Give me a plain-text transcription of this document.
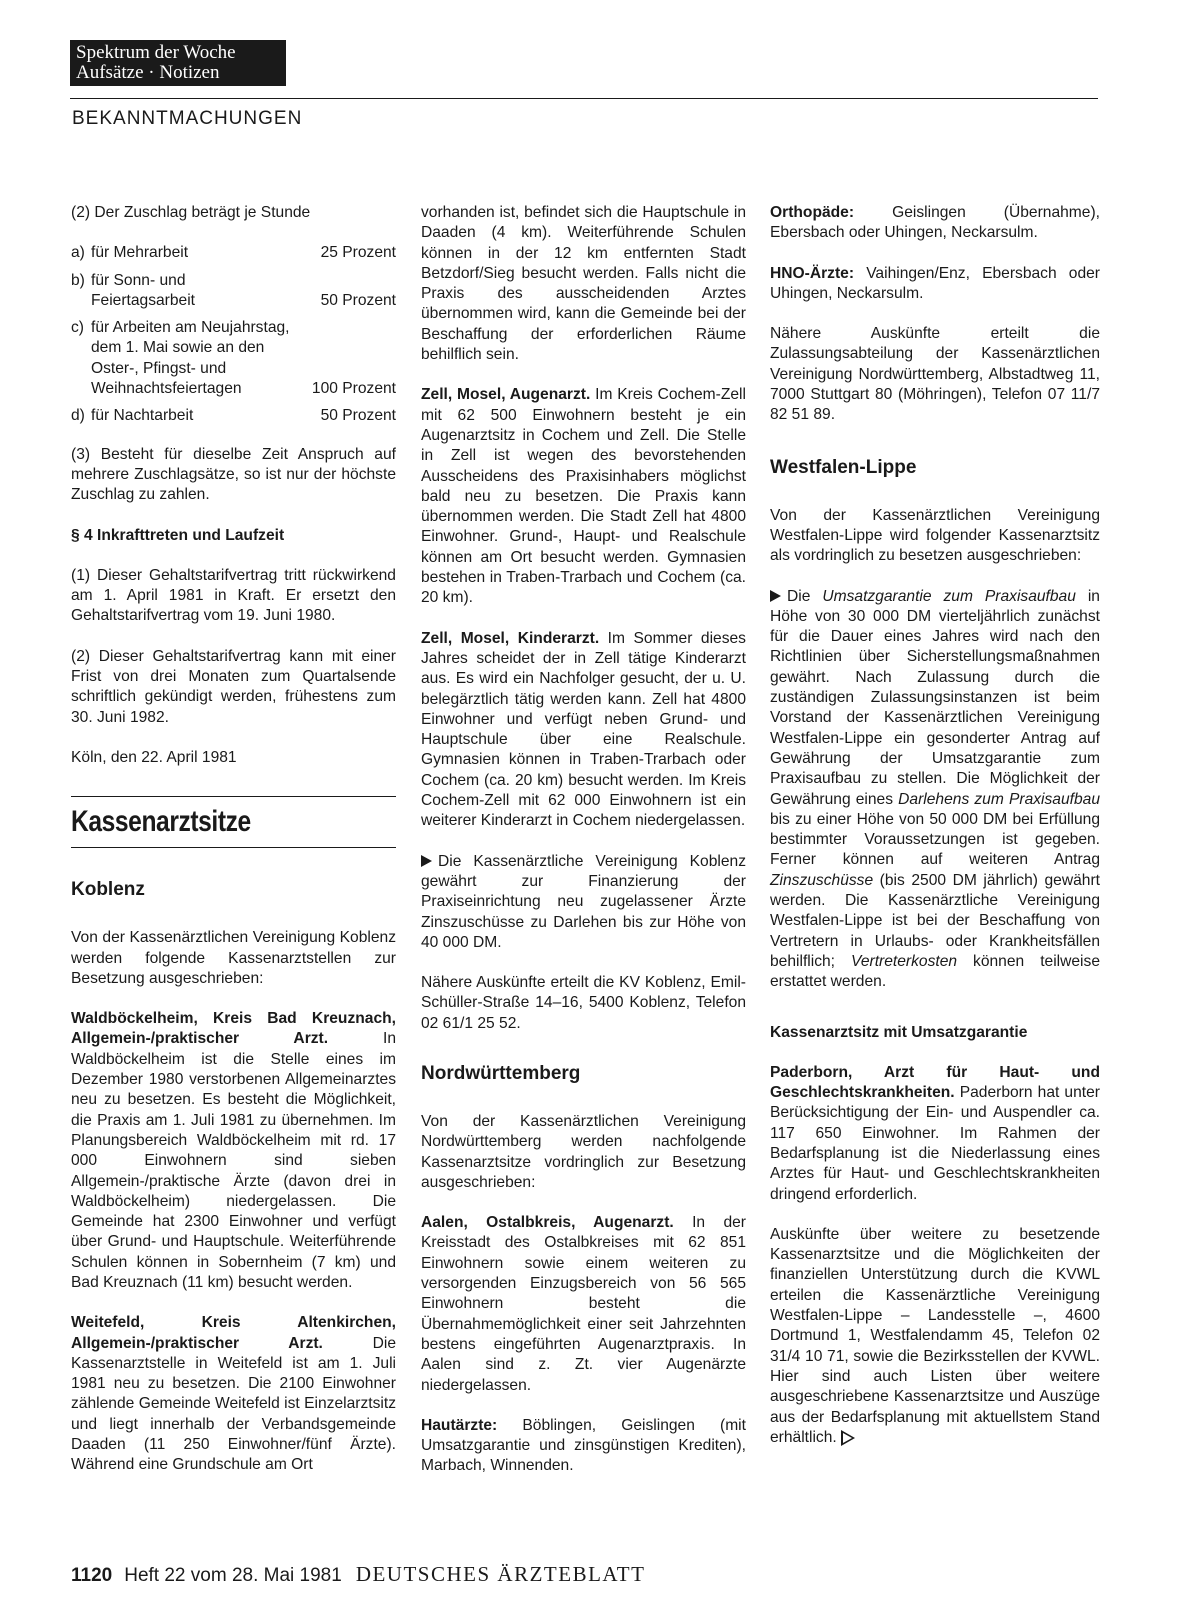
Spektrum der Woche
Aufsätze · Notizen
BEKANNTMACHUNGEN

(2) Der Zuschlag beträgt je Stunde

a) für Mehrarbeit	25 Prozent
b) für Sonn- und Feiertagsarbeit	50 Prozent
c) für Arbeiten am Neujahrstag, dem 1. Mai sowie an den Oster-, Pfingst- und Weihnachtsfeiertagen	100 Prozent
d) für Nachtarbeit	50 Prozent

(3) Besteht für dieselbe Zeit Anspruch auf mehrere Zuschlagsätze, so ist nur der höchste Zuschlag zu zahlen.

§ 4 Inkrafttreten und Laufzeit

(1) Dieser Gehaltstarifvertrag tritt rückwirkend am 1. April 1981 in Kraft. Er ersetzt den Gehaltstarifvertrag vom 19. Juni 1980.

(2) Dieser Gehaltstarifvertrag kann mit einer Frist von drei Monaten zum Quartalsende schriftlich gekündigt werden, frühestens zum 30. Juni 1982.

Köln, den 22. April 1981

Kassenarztsitze
Koblenz

Von der Kassenärztlichen Vereinigung Koblenz werden folgende Kassenarztstellen zur Besetzung ausgeschrieben:

Waldböckelheim, Kreis Bad Kreuznach, Allgemein-/praktischer Arzt.	In Waldböckelheim ist die Stelle eines im Dezember 1980 verstorbenen Allgemeinarztes neu zu besetzen. Es besteht die Möglichkeit, die Praxis am 1. Juli 1981 zu übernehmen. Im Planungsbereich Waldböckelheim mit rd. 17 000 Einwohnern sind sieben Allgemein-/praktische Ärzte (davon drei in Waldböckelheim) niedergelassen. Die Gemeinde hat 2300 Einwohner und verfügt über Grund- und Hauptschule. Weiterführende Schulen können in Sobernheim (7 km) und Bad Kreuznach (11 km) besucht werden.

Weitefeld, Kreis Altenkirchen, Allgemein-/praktischer Arzt.	Die Kassenarztstelle in Weitefeld ist am 1. Juli 1981 neu zu besetzen. Die 2100 Einwohner zählende Gemeinde Weitefeld ist Einzelarztsitz und liegt innerhalb der Verbandsgemeinde Daaden (11 250 Einwohner/fünf Ärzte). Während eine Grundschule am Ort

vorhanden ist, befindet sich die Hauptschule in Daaden (4 km). Weiterführende Schulen können in der 12 km entfernten Stadt Betzdorf/Sieg besucht werden. Falls nicht die Praxis des ausscheidenden Arztes übernommen wird, kann die Gemeinde bei der Beschaffung der erforderlichen Räume behilflich sein.

Zell, Mosel, Augenarzt. Im Kreis Cochem-Zell mit 62 500 Einwohnern besteht je ein Augenarztsitz in Cochem und Zell. Die Stelle in Zell ist wegen des bevorstehenden Ausscheidens des Praxisinhabers möglichst bald neu zu besetzen. Die Praxis kann übernommen werden. Die Stadt Zell hat 4800 Einwohner. Grund-, Haupt- und Realschule können am Ort besucht werden. Gymnasien bestehen in Traben-Trarbach und Cochem (ca. 20 km).

Zell, Mosel, Kinderarzt. Im Sommer dieses Jahres scheidet der in Zell tätige Kinderarzt aus. Es wird ein Nachfolger gesucht, der u. U. belegärztlich tätig werden kann. Zell hat 4800 Einwohner und verfügt neben Grund- und Hauptschule über eine Realschule. Gymnasien können in Traben-Trarbach oder Cochem (ca. 20 km) besucht werden. Im Kreis Cochem-Zell mit 62 000 Einwohnern ist ein weiterer Kinderarzt in Cochem niedergelassen.

Die Kassenärztliche Vereinigung Koblenz gewährt zur Finanzierung der Praxiseinrichtung neu zugelassener Ärzte Zinszuschüsse zu Darlehen bis zur Höhe von 40 000 DM.

Nähere Auskünfte erteilt die KV Koblenz, Emil-Schüller-Straße 14–16, 5400 Koblenz, Telefon 02 61/1 25 52.

Nordwürttemberg

Von der Kassenärztlichen Vereinigung Nordwürttemberg werden nachfolgende Kassenarztsitze vordringlich zur Besetzung ausgeschrieben:

Aalen, Ostalbkreis, Augenarzt. In der Kreisstadt des Ostalbkreises mit 62 851 Einwohnern sowie einem weiteren zu versorgenden Einzugsbereich von 56 565 Einwohnern besteht die Übernahmemöglichkeit einer seit Jahrzehnten bestens eingeführten Augenarztpraxis. In Aalen sind z. Zt. vier Augenärzte niedergelassen.

Hautärzte: Böblingen, Geislingen (mit Umsatzgarantie und zinsgünstigen Krediten), Marbach, Winnenden.

Orthopäde: Geislingen (Übernahme), Ebersbach oder Uhingen, Neckarsulm.

HNO-Ärzte: Vaihingen/Enz, Ebersbach oder Uhingen, Neckarsulm.

Nähere Auskünfte erteilt die Zulassungsabteilung der Kassenärztlichen Vereinigung Nordwürttemberg, Albstadtweg 11, 7000 Stuttgart 80 (Möhringen), Telefon 07 11/7 82 51 89.

Westfalen-Lippe

Von der Kassenärztlichen Vereinigung Westfalen-Lippe wird folgender Kassenarztsitz als vordringlich zu besetzen ausgeschrieben:

Die Umsatzgarantie zum Praxisaufbau in Höhe von 30 000 DM vierteljährlich zunächst für die Dauer eines Jahres wird nach den Richtlinien über Sicherstellungsmaßnahmen gewährt. Nach Zulassung durch die zuständigen Zulassungsinstanzen ist beim Vorstand der Kassenärztlichen Vereinigung Westfalen-Lippe ein gesonderter Antrag auf Gewährung der Umsatzgarantie zum Praxisaufbau zu stellen. Die Möglichkeit der Gewährung eines Darlehens zum Praxisaufbau bis zu einer Höhe von 50 000 DM bei Erfüllung bestimmter Voraussetzungen ist gegeben. Ferner können auf weiteren Antrag Zinszuschüsse (bis 2500 DM jährlich) gewährt werden. Die Kassenärztliche Vereinigung Westfalen-Lippe ist bei der Beschaffung von Vertretern in Urlaubs- oder Krankheitsfällen behilflich; Vertreterkosten können teilweise erstattet werden.

Kassenarztsitz mit Umsatzgarantie

Paderborn, Arzt für Haut- und Geschlechtskrankheiten. Paderborn hat unter Berücksichtigung der Ein- und Auspendler ca. 117 650 Einwohner. Im Rahmen der Bedarfsplanung ist die Niederlassung eines Arztes für Haut- und Geschlechtskrankheiten dringend erforderlich.

Auskünfte über weitere zu besetzende Kassenarztsitze und die Möglichkeiten der finanziellen Unterstützung durch die KVWL erteilen die Kassenärztliche Vereinigung Westfalen-Lippe – Landesstelle –, 4600 Dortmund 1, Westfalendamm 45, Telefon 02 31/4 10 71, sowie die Bezirksstellen der KVWL. Hier sind auch Listen über weitere ausgeschriebene Kassenarztsitze und Auszüge aus der Bedarfsplanung mit aktuellstem Stand erhältlich.

1120 Heft 22 vom 28. Mai 1981 DEUTSCHES ÄRZTEBLATT
